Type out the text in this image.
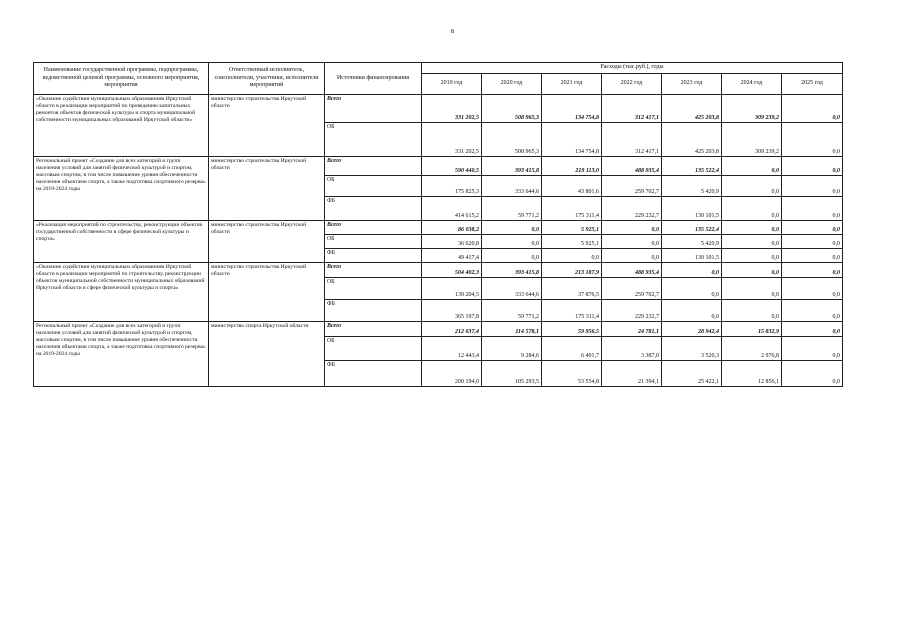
8
Наименование государственной программы, подпрограммы, ведомственной целевой программы, основного мероприятия, мероприятия	Ответственный исполнитель, соисполнители, участники, исполнители мероприятий	Источники финансирования	Расходы (тыс.руб.), годы						
			2019 год	2020 год	2021 год	2022 год	2023 год	2024 год	2025 год
«Оказание содействия муниципальным образованиям Иркутской области в реализации мероприятий по проведению капитальных ремонтов объектов физической культуры и спорта муниципальной собственности муниципальных образований Иркутской области»	министерство строительства Иркутской области	Всего	331 202,5	508 965,3	134 754,8	312 417,1	425 203,8	309 239,2	0,0
		ОБ	331 202,5	508 965,3	134 754,8	312 417,1	425 203,8	309 239,2	0,0
Региональный проект «Создание для всех категорий и групп населения условий для занятий физической культурой и спортом, массовым спортом, в том числе повышение уровня обеспеченности населения объектами спорта, а также подготовка спортивного резерва» на 2019-2024 годы	министерство строительства Иркутской области	Всего	590 440,5	393 415,8	219 113,0	488 935,4	135 522,4	0,0	0,0
		ОБ	175 825,3	333 644,6	43 801,6	259 702,7	5 420,9	0,0	0,0
		ФБ	414 615,2	59 771,2	175 311,4	229 232,7	130 101,5	0,0	0,0
«Реализация мероприятий по строительству, реконструкции объектов государственной собственности в сфере физической культуры и спорта»	министерство строительства Иркутской области	Всего	86 038,2	0,0	5 925,1	0,0	135 522,4	0,0	0,0
		ОБ	36 620,8	0,0	5 925,1	0,0	5 420,9	0,0	0,0
		ФБ	49 417,4	0,0	0,0	0,0	130 101,5	0,0	0,0
«Оказание содействия муниципальным образованиям Иркутской области в реализации мероприятий по строительству, реконструкции объектов муниципальной собственности муниципальных образований Иркутской области в сфере физической культуры и спорта»	министерство строительства Иркутской области	Всего	504 402,3	393 415,8	213 187,9	488 935,4	0,0	0,0	0,0
		ОБ	139 204,5	333 644,6	37 876,5	259 702,7	0,0	0,0	0,0
		ФБ	365 197,8	59 771,2	175 311,4	229 232,7	0,0	0,0	0,0
Региональный проект «Создание для всех категорий и групп населения условий для занятий физической культурой и спортом, массовым спортом, в том числе повышение уровня обеспеченности населения объектами спорта, а также подготовка спортивного резерва» на 2019-2024 годы	министерство спорта Иркутской области	Всего	212 637,4	114 578,1	59 956,5	24 781,1	28 942,4	15 832,9	0,0
		ОБ	12 443,4	9 284,6	6 401,7	3 387,0	3 520,3	2 976,8	0,0
		ФБ	200 194,0	105 293,5	53 554,8	21 394,1	25 422,1	12 856,1	0,0
